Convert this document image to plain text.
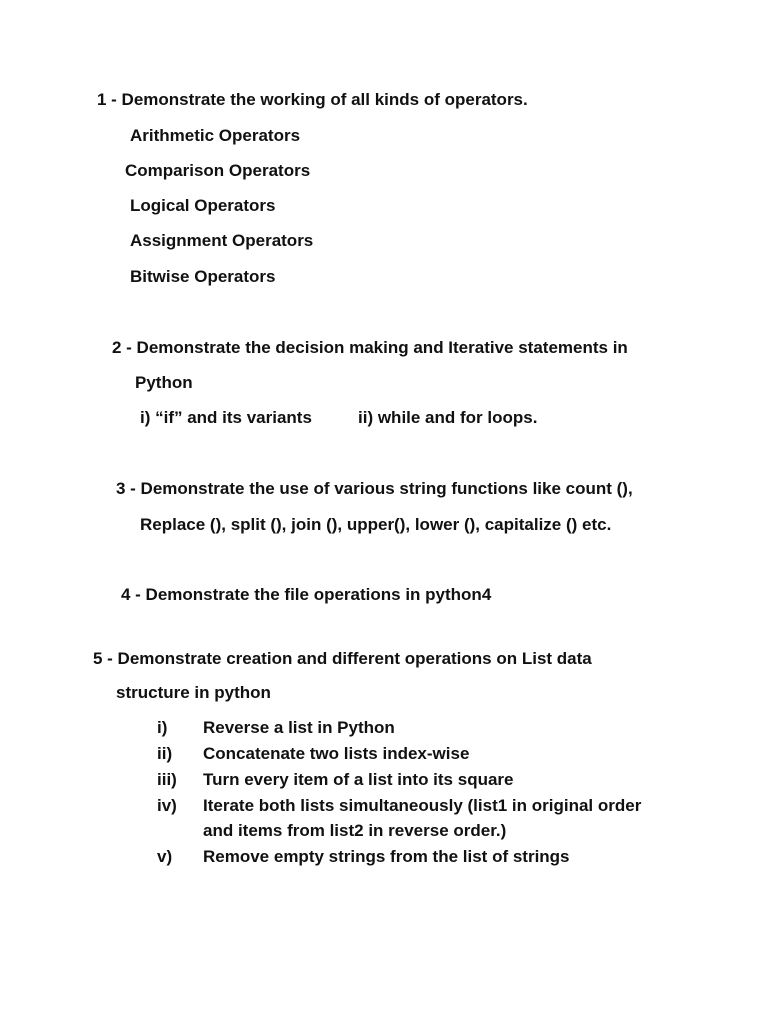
1 - Demonstrate the working of all kinds of operators.
Arithmetic Operators
Comparison Operators
Logical Operators
Assignment Operators
Bitwise Operators
2 - Demonstrate the decision making and Iterative statements in
Python
i) “if” and its variants	ii) while and for loops.
3 - Demonstrate the use of various string functions like count (),
Replace (), split (), join (), upper(), lower (), capitalize () etc.
4 - Demonstrate the file operations in python4
5 - Demonstrate creation and different operations on List data
structure in python
i) Reverse a list in Python
ii) Concatenate two lists index-wise
iii) Turn every item of a list into its square
iv) Iterate both lists simultaneously (list1 in original order
and items from list2 in reverse order.)
v) Remove empty strings from the list of strings
